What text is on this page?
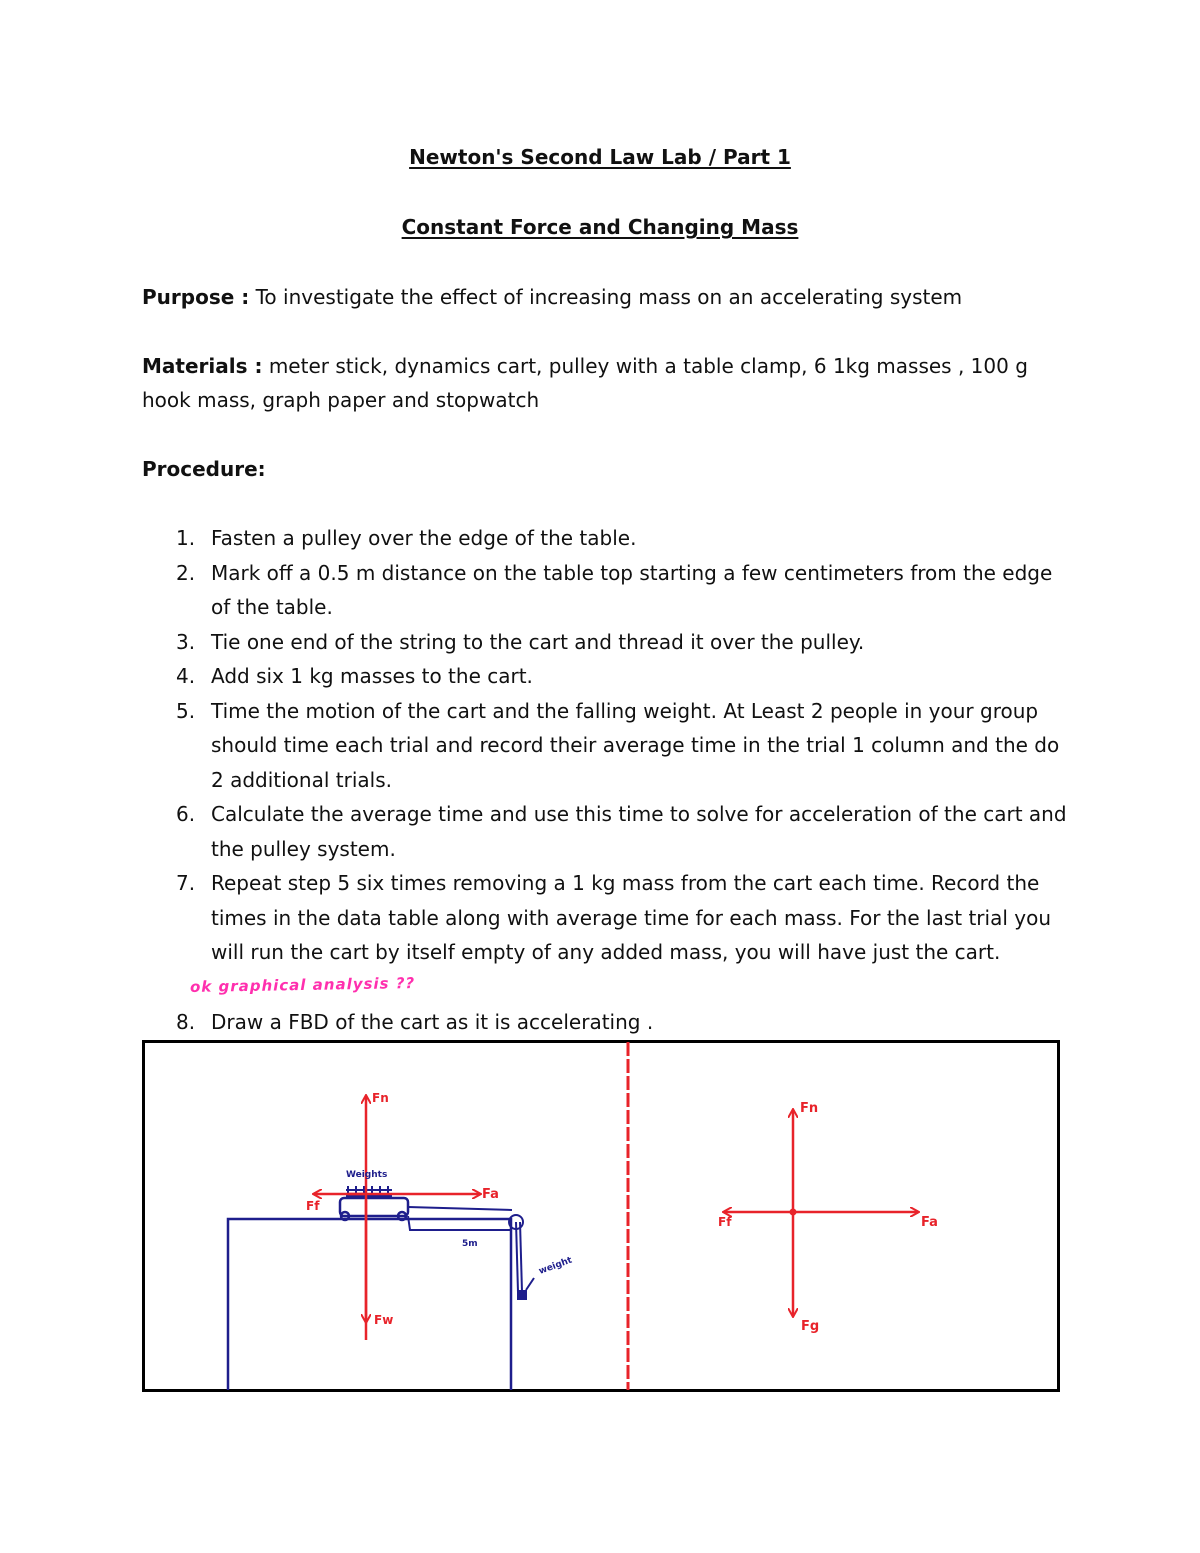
Newton's Second Law Lab / Part 1
Constant Force and Changing Mass
Purpose : To investigate the effect of increasing mass on an accelerating system
Materials : meter stick, dynamics cart, pulley with a table clamp, 6 1kg masses , 100 g hook mass, graph paper and stopwatch
Procedure:
1. Fasten a pulley over the edge of the table.
2. Mark off a 0.5 m distance on the table top starting a few centimeters from the edge of the table.
3. Tie one end of the string to the cart and thread it over the pulley.
4. Add six 1 kg masses to the cart.
5. Time the motion of the cart and the falling weight. At Least 2 people in your group should time each trial and record their average time in the trial 1 column and the do 2 additional trials.
6. Calculate the average time and use this time to solve for acceleration of the cart and the pulley system.
7. Repeat step 5 six times removing a 1 kg mass from the cart each time. Record the times in the data table along with average time for each mass. For the last trial you will run the cart by itself empty of any added mass, you will have just the cart.
ok graphical analysis ??
8. Draw a FBD of the cart as it is accelerating .
Fn
Fa
Ff
Fw
Weights
5m
weight
Fn
Fa
Ff
Fg
